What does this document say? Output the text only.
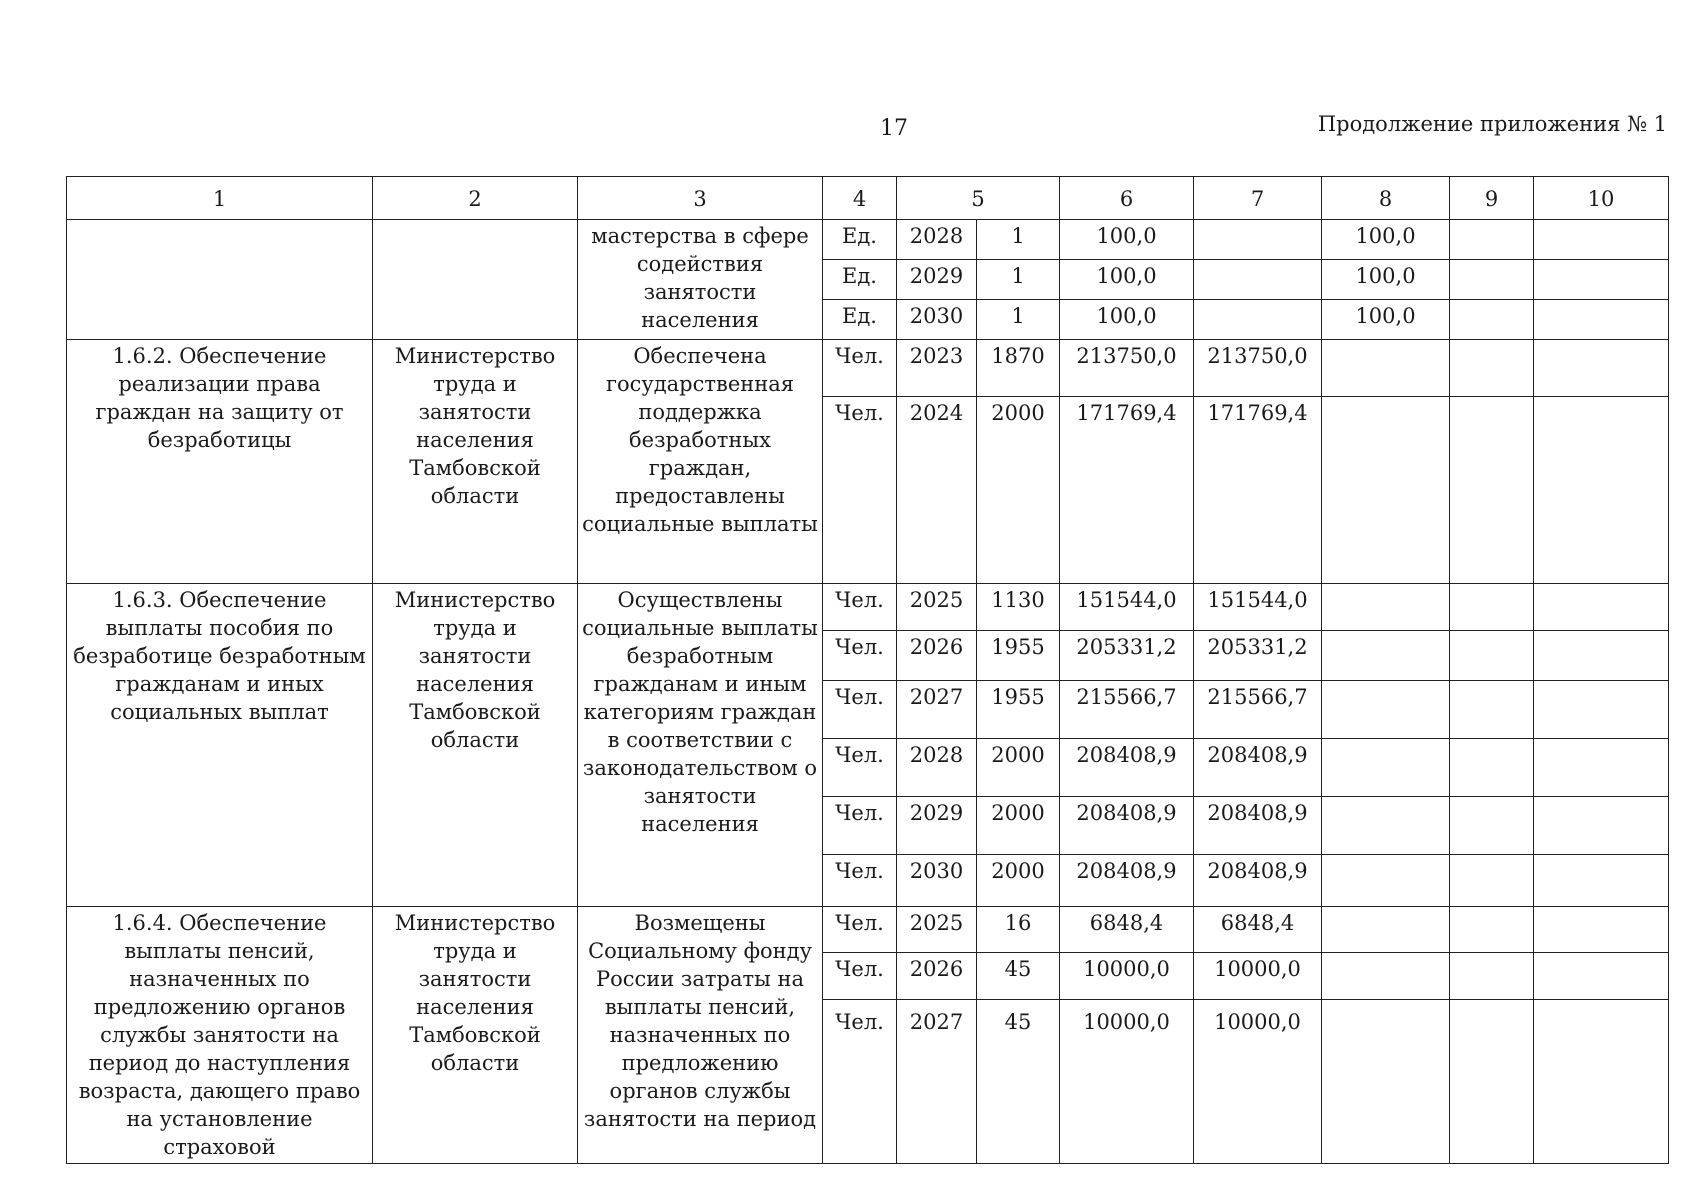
17	Продолжение приложения № 1
1	2	3	4	5		6	7	8	9	10
		мастерства в сфере содействия занятости населения	Ед.	2028	1	100,0		100,0		
			Ед.	2029	1	100,0		100,0		
			Ед.	2030	1	100,0		100,0		
1.6.2. Обеспечение реализации права граждан на защиту от безработицы	Министерство труда и занятости населения Тамбовской области	Обеспечена государственная поддержка безработных граждан, предоставлены социальные выплаты	Чел.	2023	1870	213750,0	213750,0			
			Чел.	2024	2000	171769,4	171769,4			
1.6.3. Обеспечение выплаты пособия по безработице безработным гражданам и иных социальных выплат	Министерство труда и занятости населения Тамбовской области	Осуществлены социальные выплаты безработным гражданам и иным категориям граждан в соответствии с законодательством о занятости населения	Чел.	2025	1130	151544,0	151544,0			
			Чел.	2026	1955	205331,2	205331,2			
			Чел.	2027	1955	215566,7	215566,7			
			Чел.	2028	2000	208408,9	208408,9			
			Чел.	2029	2000	208408,9	208408,9			
			Чел.	2030	2000	208408,9	208408,9			
1.6.4. Обеспечение выплаты пенсий, назначенных по предложению органов службы занятости на период до наступления возраста, дающего право на установление страховой	Министерство труда и занятости населения Тамбовской области	Возмещены Социальному фонду России затраты на выплаты пенсий, назначенных по предложению органов службы занятости на период	Чел.	2025	16	6848,4	6848,4			
			Чел.	2026	45	10000,0	10000,0			
			Чел.	2027	45	10000,0	10000,0			
